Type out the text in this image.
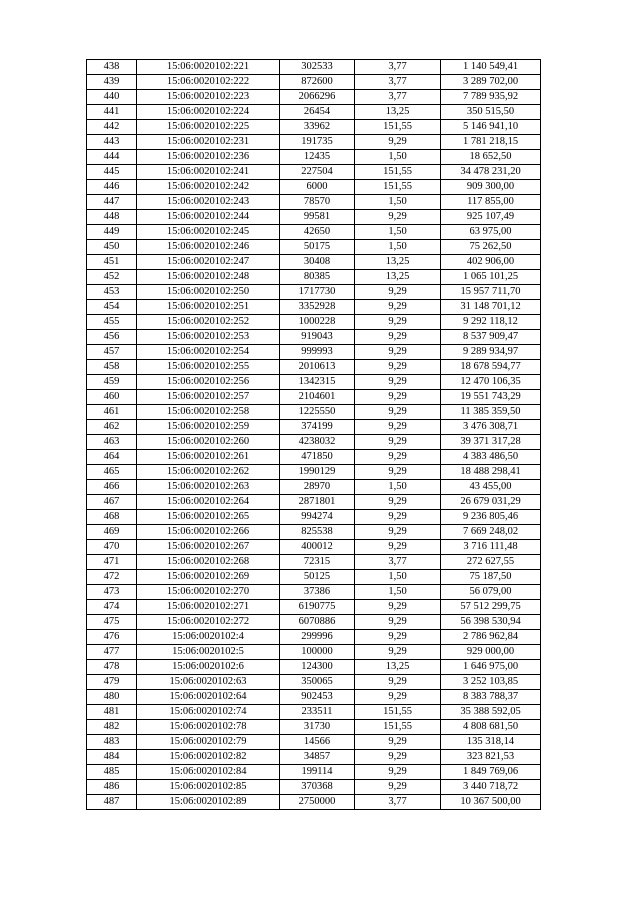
438	15:06:0020102:221	302533	3,77	1 140 549,41
439	15:06:0020102:222	872600	3,77	3 289 702,00
440	15:06:0020102:223	2066296	3,77	7 789 935,92
441	15:06:0020102:224	26454	13,25	350 515,50
442	15:06:0020102:225	33962	151,55	5 146 941,10
443	15:06:0020102:231	191735	9,29	1 781 218,15
444	15:06:0020102:236	12435	1,50	18 652,50
445	15:06:0020102:241	227504	151,55	34 478 231,20
446	15:06:0020102:242	6000	151,55	909 300,00
447	15:06:0020102:243	78570	1,50	117 855,00
448	15:06:0020102:244	99581	9,29	925 107,49
449	15:06:0020102:245	42650	1,50	63 975,00
450	15:06:0020102:246	50175	1,50	75 262,50
451	15:06:0020102:247	30408	13,25	402 906,00
452	15:06:0020102:248	80385	13,25	1 065 101,25
453	15:06:0020102:250	1717730	9,29	15 957 711,70
454	15:06:0020102:251	3352928	9,29	31 148 701,12
455	15:06:0020102:252	1000228	9,29	9 292 118,12
456	15:06:0020102:253	919043	9,29	8 537 909,47
457	15:06:0020102:254	999993	9,29	9 289 934,97
458	15:06:0020102:255	2010613	9,29	18 678 594,77
459	15:06:0020102:256	1342315	9,29	12 470 106,35
460	15:06:0020102:257	2104601	9,29	19 551 743,29
461	15:06:0020102:258	1225550	9,29	11 385 359,50
462	15:06:0020102:259	374199	9,29	3 476 308,71
463	15:06:0020102:260	4238032	9,29	39 371 317,28
464	15:06:0020102:261	471850	9,29	4 383 486,50
465	15:06:0020102:262	1990129	9,29	18 488 298,41
466	15:06:0020102:263	28970	1,50	43 455,00
467	15:06:0020102:264	2871801	9,29	26 679 031,29
468	15:06:0020102:265	994274	9,29	9 236 805,46
469	15:06:0020102:266	825538	9,29	7 669 248,02
470	15:06:0020102:267	400012	9,29	3 716 111,48
471	15:06:0020102:268	72315	3,77	272 627,55
472	15:06:0020102:269	50125	1,50	75 187,50
473	15:06:0020102:270	37386	1,50	56 079,00
474	15:06:0020102:271	6190775	9,29	57 512 299,75
475	15:06:0020102:272	6070886	9,29	56 398 530,94
476	15:06:0020102:4	299996	9,29	2 786 962,84
477	15:06:0020102:5	100000	9,29	929 000,00
478	15:06:0020102:6	124300	13,25	1 646 975,00
479	15:06:0020102:63	350065	9,29	3 252 103,85
480	15:06:0020102:64	902453	9,29	8 383 788,37
481	15:06:0020102:74	233511	151,55	35 388 592,05
482	15:06:0020102:78	31730	151,55	4 808 681,50
483	15:06:0020102:79	14566	9,29	135 318,14
484	15:06:0020102:82	34857	9,29	323 821,53
485	15:06:0020102:84	199114	9,29	1 849 769,06
486	15:06:0020102:85	370368	9,29	3 440 718,72
487	15:06:0020102:89	2750000	3,77	10 367 500,00
